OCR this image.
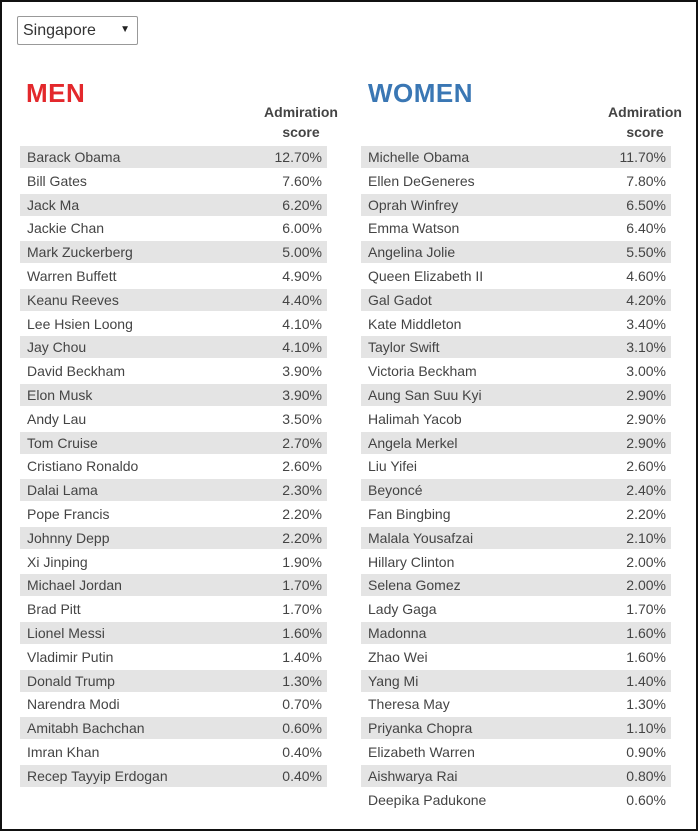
Singapore ▼
MEN
Admiration
score
Barack Obama	12.70%
Bill Gates	7.60%
Jack Ma	6.20%
Jackie Chan	6.00%
Mark Zuckerberg	5.00%
Warren Buffett	4.90%
Keanu Reeves	4.40%
Lee Hsien Loong	4.10%
Jay Chou	4.10%
David Beckham	3.90%
Elon Musk	3.90%
Andy Lau	3.50%
Tom Cruise	2.70%
Cristiano Ronaldo	2.60%
Dalai Lama	2.30%
Pope Francis	2.20%
Johnny Depp	2.20%
Xi Jinping	1.90%
Michael Jordan	1.70%
Brad Pitt	1.70%
Lionel Messi	1.60%
Vladimir Putin	1.40%
Donald Trump	1.30%
Narendra Modi	0.70%
Amitabh Bachchan	0.60%
Imran Khan	0.40%
Recep Tayyip Erdogan	0.40%
WOMEN
Admiration
score
Michelle Obama	11.70%
Ellen DeGeneres	7.80%
Oprah Winfrey	6.50%
Emma Watson	6.40%
Angelina Jolie	5.50%
Queen Elizabeth II	4.60%
Gal Gadot	4.20%
Kate Middleton	3.40%
Taylor Swift	3.10%
Victoria Beckham	3.00%
Aung San Suu Kyi	2.90%
Halimah Yacob	2.90%
Angela Merkel	2.90%
Liu Yifei	2.60%
Beyoncé	2.40%
Fan Bingbing	2.20%
Malala Yousafzai	2.10%
Hillary Clinton	2.00%
Selena Gomez	2.00%
Lady Gaga	1.70%
Madonna	1.60%
Zhao Wei	1.60%
Yang Mi	1.40%
Theresa May	1.30%
Priyanka Chopra	1.10%
Elizabeth Warren	0.90%
Aishwarya Rai	0.80%
Deepika Padukone	0.60%
